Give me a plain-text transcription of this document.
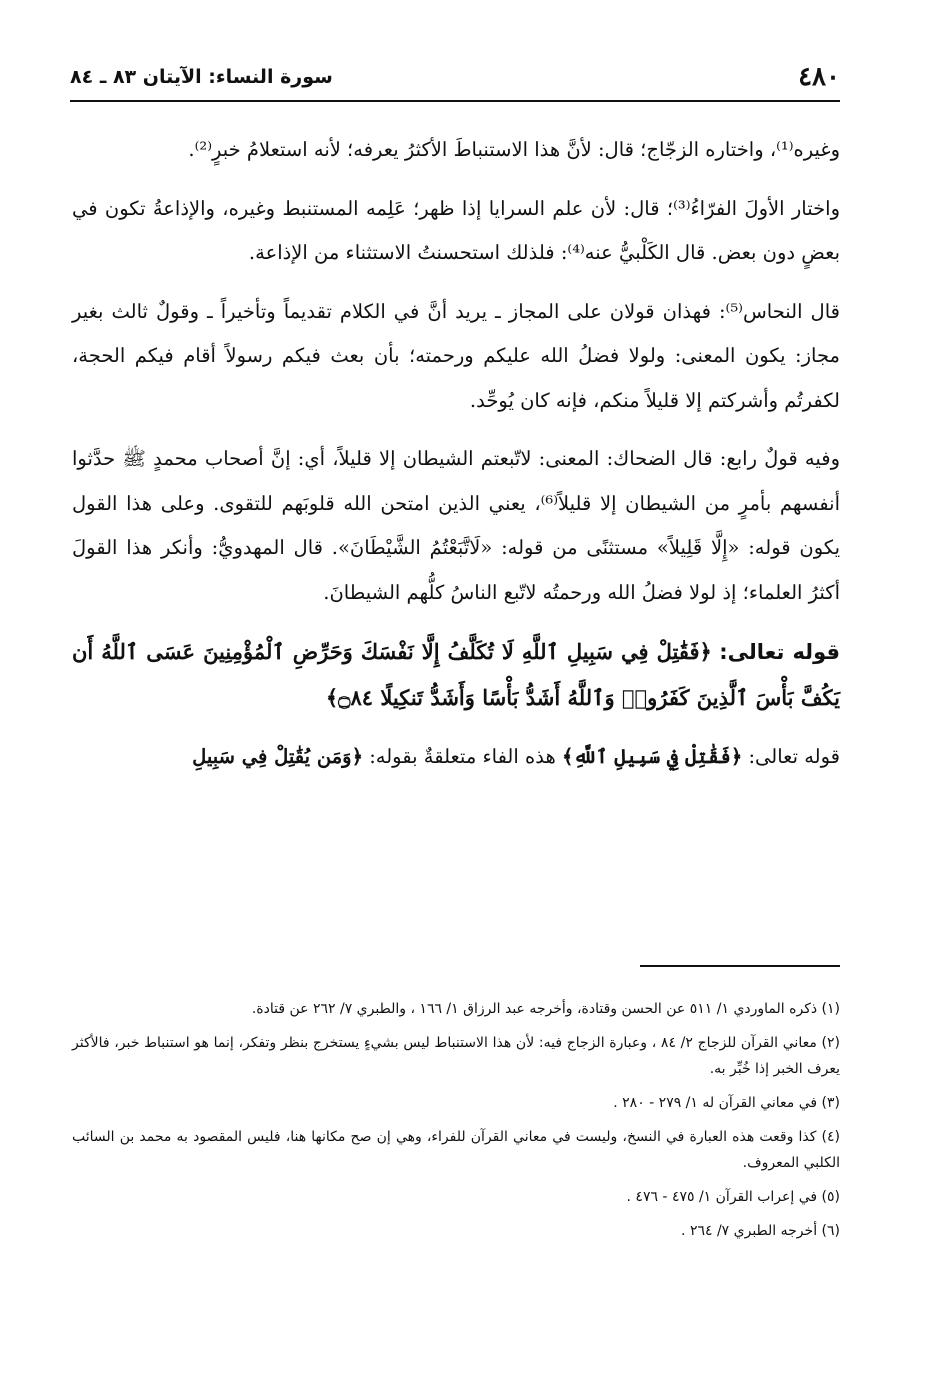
٤٨٠
سورة النساء: الآيتان ٨٣ ـ ٨٤

وغيره⁽¹⁾، واختاره الزجّاج؛ قال: لأنَّ هذا الاستنباطَ الأكثرُ يعرفه؛ لأنه استعلامُ خبرٍ⁽²⁾.

واختار الأولَ الفرّاءُ⁽³⁾؛ قال: لأن علم السرايا إذا ظهر؛ عَلِمه المستنبط وغيره، والإذاعةُ تكون في بعضٍ دون بعض. قال الكَلْبيُّ عنه⁽⁴⁾: فلذلك استحسنتُ الاستثناء من الإذاعة.

قال النحاس⁽⁵⁾: فهذان قولان على المجاز ـ يريد أنَّ في الكلام تقديماً وتأخيراً ـ وقولٌ ثالث بغير مجاز: يكون المعنى: ولولا فضلُ الله عليكم ورحمته؛ بأن بعث فيكم رسولاً أقام فيكم الحجة، لكفرتُم وأشركتم إلا قليلاً منكم، فإنه كان يُوحِّد.

وفيه قولٌ رابع: قال الضحاك: المعنى: لاتّبعتم الشيطان إلا قليلاً، أي: إنَّ أصحاب محمدٍ ﷺ حدَّثوا أنفسهم بأمرٍ من الشيطان إلا قليلاً⁽⁶⁾، يعني الذين امتحن الله قلوبَهم للتقوى. وعلى هذا القول يكون قوله: «إِلَّا قَلِيلاً» مستثنًى من قوله: «لَاتَّبَعْتُمُ الشَّيْطَانَ». قال المهدويُّ: وأنكر هذا القولَ أكثرُ العلماء؛ إذ لولا فضلُ الله ورحمتُه لاتّبع الناسُ كلُّهم الشيطانَ.

قوله تعالى: ﴿فَقَٰتِلْ فِي سَبِيلِ ٱللَّهِ لَا تُكَلَّفُ إِلَّا نَفْسَكَ وَحَرِّضِ ٱلْمُؤْمِنِينَ عَسَى ٱللَّهُ أَن يَكُفَّ بَأْسَ ٱلَّذِينَ كَفَرُوا۟ وَٱللَّهُ أَشَدُّ بَأْسًا وَأَشَدُّ تَنكِيلًا ۝٨٤﴾

قوله تعالى: ﴿فَقَٰتِلْ فِي سَبِيلِ ٱللَّهِ﴾ هذه الفاء متعلقةٌ بقوله: ﴿وَمَن يُقَٰتِلْ فِي سَبِيلِ

(١) ذكره الماوردي ١/ ٥١١ عن الحسن وقتادة، وأخرجه عبد الرزاق ١/ ١٦٦ ، والطبري ٧/ ٢٦٢ عن قتادة.

(٢) معاني القرآن للزجاج ٢/ ٨٤ ، وعبارة الزجاج فيه: لأن هذا الاستنباط ليس بشيءٍ يستخرج بنظر وتفكر، إنما هو استنباط خبر، فالأكثر يعرف الخبر إذا خُبِّر به.

(٣) في معاني القرآن له ١/ ٢٧٩ - ٢٨٠ .

(٤) كذا وقعت هذه العبارة في النسخ، وليست في معاني القرآن للفراء، وهي إن صح مكانها هنا، فليس المقصود به محمد بن السائب الكلبي المعروف.

(٥) في إعراب القرآن ١/ ٤٧٥ - ٤٧٦ .

(٦) أخرجه الطبري ٧/ ٢٦٤ .
